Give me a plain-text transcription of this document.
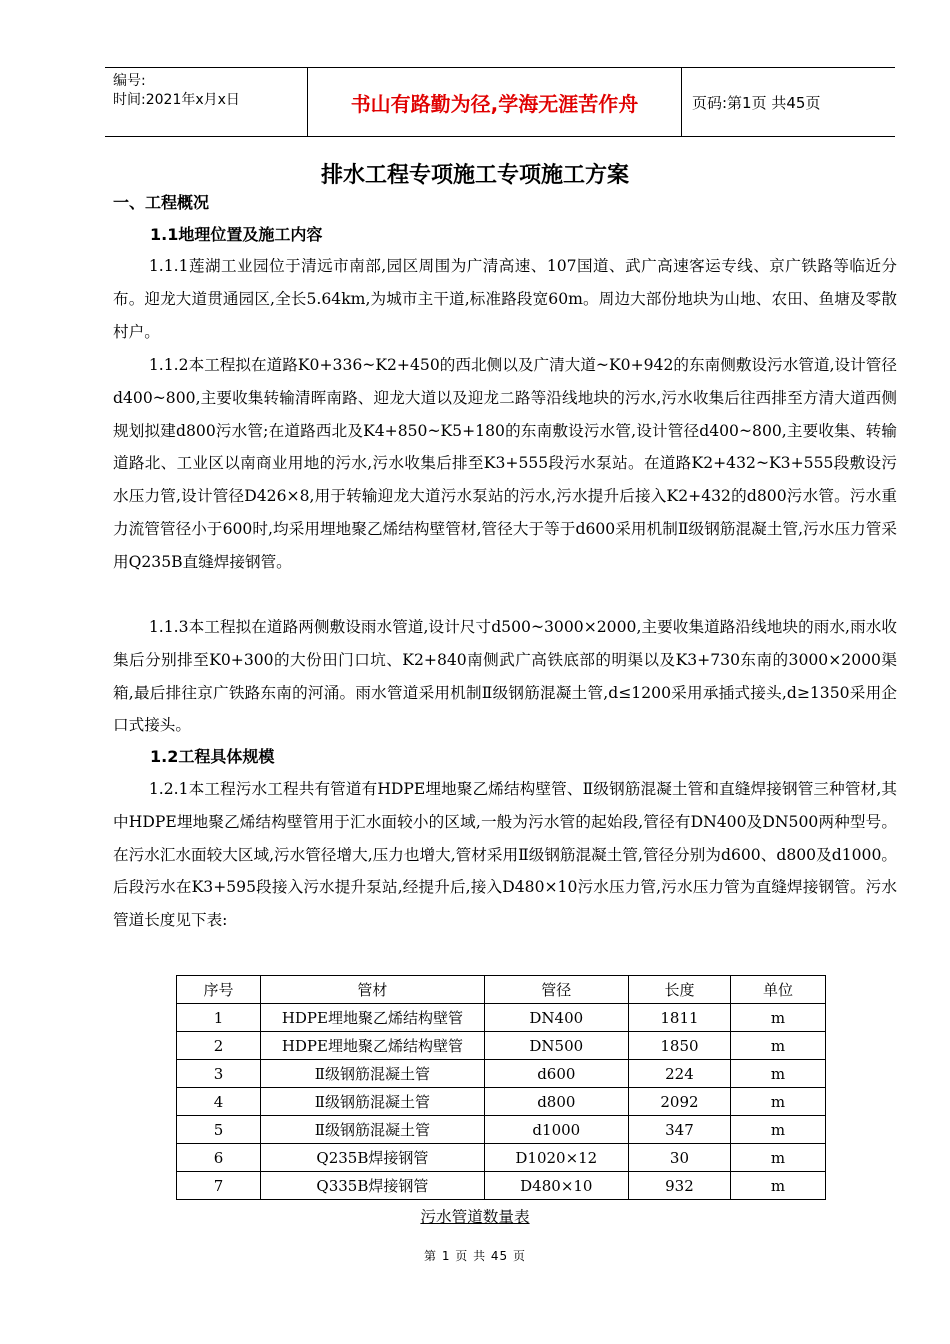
编号:
时间:2021年x月x日	书山有路勤为径,学海无涯苦作舟	页码:第1页 共45页
排水工程专项施工专项施工方案
一、工程概况
1.1地理位置及施工内容
1.1.1莲湖工业园位于清远市南部,园区周围为广清高速、107国道、武广高速客运专线、京广铁路等临近分布。迎龙大道贯通园区,全长5.64km,为城市主干道,标准路段宽60m。周边大部份地块为山地、农田、鱼塘及零散村户。
1.1.2本工程拟在道路K0+336~K2+450的西北侧以及广清大道~K0+942的东南侧敷设污水管道,设计管径d400~800,主要收集转输清晖南路、迎龙大道以及迎龙二路等沿线地块的污水,污水收集后往西排至方清大道西侧规划拟建d800污水管;在道路西北及K4+850~K5+180的东南敷设污水管,设计管径d400~800,主要收集、转输道路北、工业区以南商业用地的污水,污水收集后排至K3+555段污水泵站。在道路K2+432~K3+555段敷设污水压力管,设计管径D426×8,用于转输迎龙大道污水泵站的污水,污水提升后接入K2+432的d800污水管。污水重力流管管径小于600时,均采用埋地聚乙烯结构壁管材,管径大于等于d600采用机制Ⅱ级钢筋混凝土管,污水压力管采用Q235B直缝焊接钢管。
1.1.3本工程拟在道路两侧敷设雨水管道,设计尺寸d500~3000×2000,主要收集道路沿线地块的雨水,雨水收集后分别排至K0+300的大份田门口坑、K2+840南侧武广高铁底部的明渠以及K3+730东南的3000×2000渠箱,最后排往京广铁路东南的河涌。雨水管道采用机制Ⅱ级钢筋混凝土管,d≤1200采用承插式接头,d≥1350采用企口式接头。
1.2工程具体规模
1.2.1本工程污水工程共有管道有HDPE埋地聚乙烯结构壁管、Ⅱ级钢筋混凝土管和直缝焊接钢管三种管材,其中HDPE埋地聚乙烯结构壁管用于汇水面较小的区域,一般为污水管的起始段,管径有DN400及DN500两种型号。在污水汇水面较大区域,污水管径增大,压力也增大,管材采用Ⅱ级钢筋混凝土管,管径分别为d600、d800及d1000。后段污水在K3+595段接入污水提升泵站,经提升后,接入D480×10污水压力管,污水压力管为直缝焊接钢管。污水管道长度见下表:
序号	管材	管径	长度	单位
1	HDPE埋地聚乙烯结构壁管	DN400	1811	m
2	HDPE埋地聚乙烯结构壁管	DN500	1850	m
3	Ⅱ级钢筋混凝土管	d600	224	m
4	Ⅱ级钢筋混凝土管	d800	2092	m
5	Ⅱ级钢筋混凝土管	d1000	347	m
6	Q235B焊接钢管	D1020×12	30	m
7	Q335B焊接钢管	D480×10	932	m
污水管道数量表
第 1 页 共 45 页
